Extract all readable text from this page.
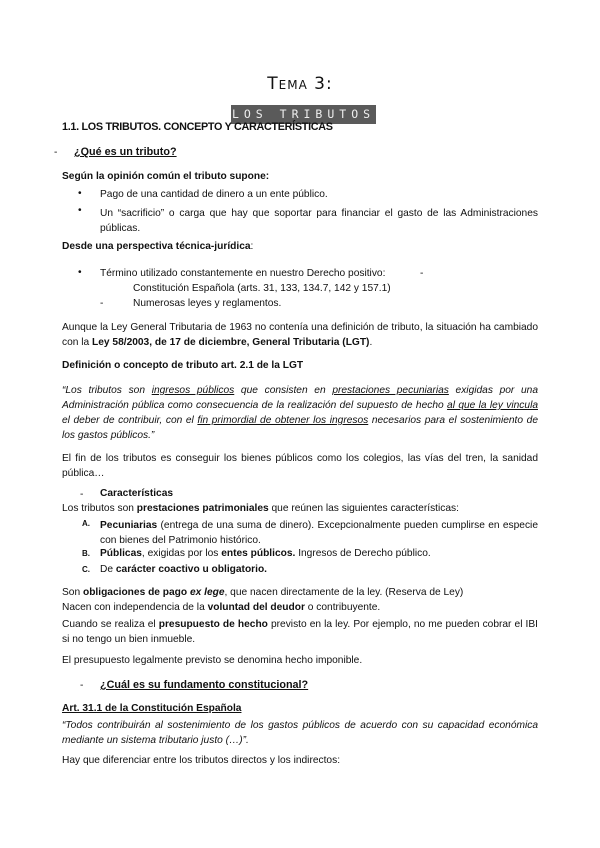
Tema 3:
LOS TRIBUTOS
1.1. LOS TRIBUTOS. CONCEPTO Y CARACTERÍSTICAS
- ¿Qué es un tributo?
Según la opinión común el tributo supone:
• Pago de una cantidad de dinero a un ente público.
• Un “sacrificio” o carga que hay que soportar para financiar el gasto de las Administraciones públicas.
Desde una perspectiva técnica-jurídica:
• Término utilizado constantemente en nuestro Derecho positivo:	-
Constitución Española (arts. 31, 133, 134.7, 142 y 157.1)
-	Numerosas leyes y reglamentos.
Aunque la Ley General Tributaria de 1963 no contenía una definición de tributo, la situación ha cambiado con la Ley 58/2003, de 17 de diciembre, General Tributaria (LGT).
Definición o concepto de tributo art. 2.1 de la LGT
“Los tributos son ingresos públicos que consisten en prestaciones pecuniarias exigidas por una Administración pública como consecuencia de la realización del supuesto de hecho al que la ley vincula el deber de contribuir, con el fin primordial de obtener los ingresos necesarios para el sostenimiento de los gastos públicos.”
El fin de los tributos es conseguir los bienes públicos como los colegios, las vías del tren, la sanidad pública…
- Características
Los tributos son prestaciones patrimoniales que reúnen las siguientes características:
A. Pecuniarias (entrega de una suma de dinero). Excepcionalmente pueden cumplirse en especie con bienes del Patrimonio histórico.
B. Públicas, exigidas por los entes públicos. Ingresos de Derecho público.
C. De carácter coactivo u obligatorio.
Son obligaciones de pago ex lege, que nacen directamente de la ley. (Reserva de Ley)
Nacen con independencia de la voluntad del deudor o contribuyente.
Cuando se realiza el presupuesto de hecho previsto en la ley. Por ejemplo, no me pueden cobrar el IBI si no tengo un bien inmueble.
El presupuesto legalmente previsto se denomina hecho imponible.
- ¿Cuál es su fundamento constitucional?
Art. 31.1 de la Constitución Española
“Todos contribuirán al sostenimiento de los gastos públicos de acuerdo con su capacidad económica mediante un sistema tributario justo (…)”.
Hay que diferenciar entre los tributos directos y los indirectos:
